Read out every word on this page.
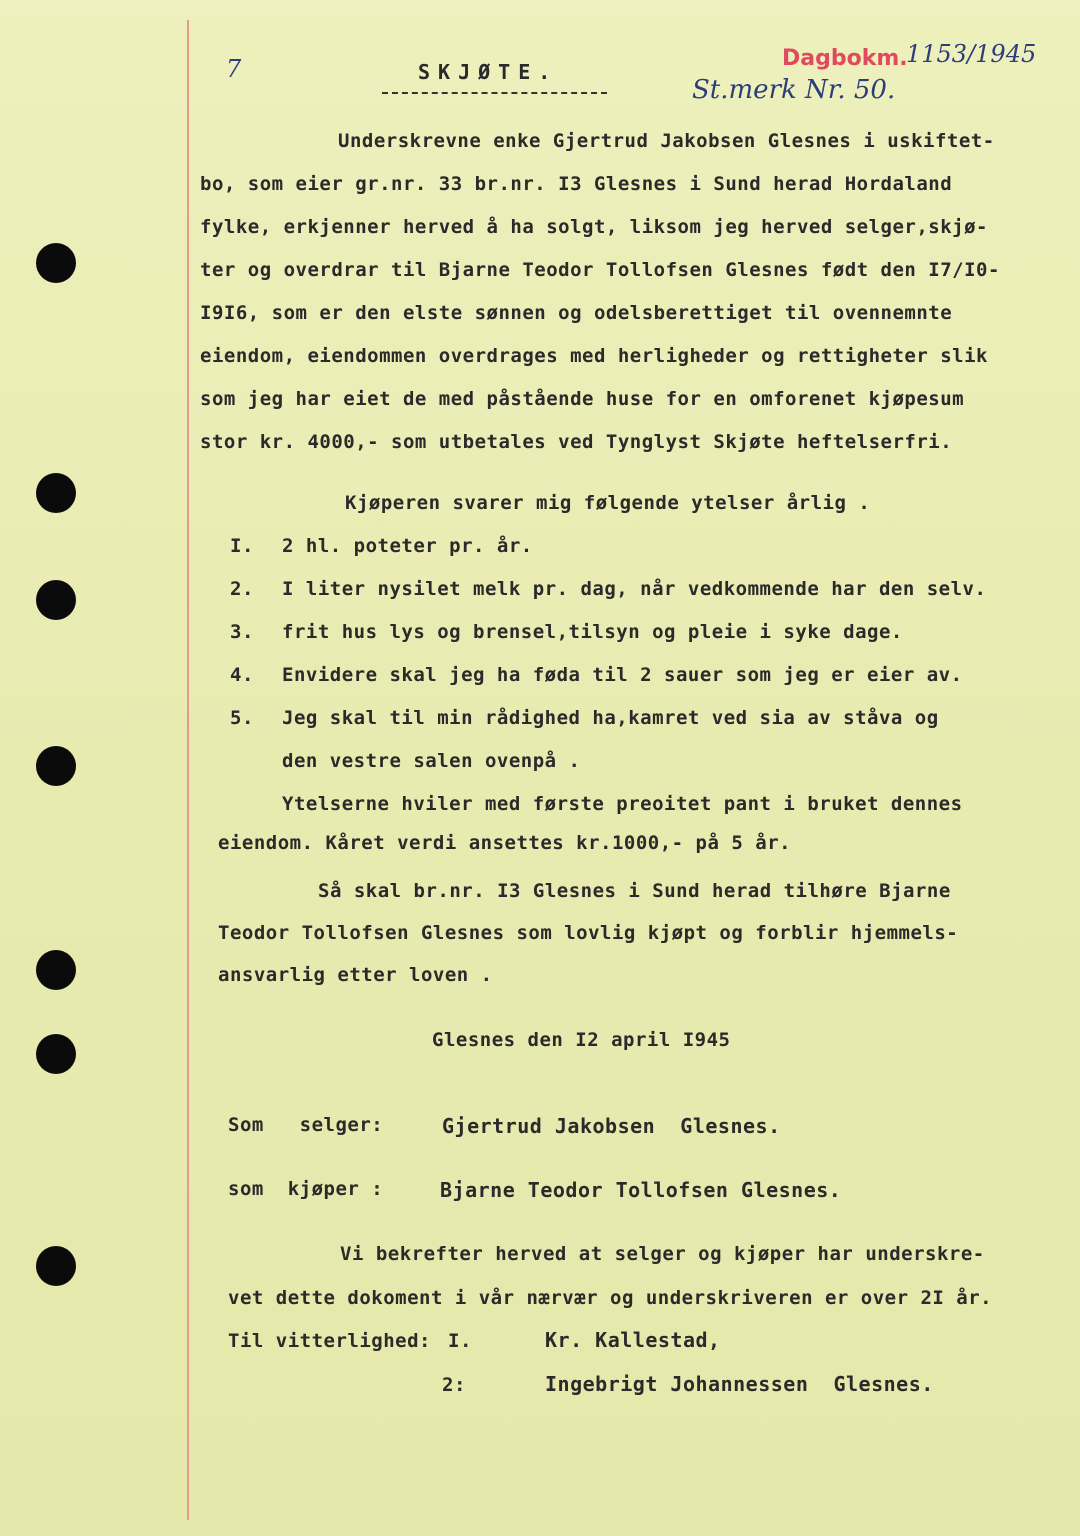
7	SKJØTE.
Dagbokm.
1153/1945
St.merk Nr. 50.
Underskrevne enke Gjertrud Jakobsen Glesnes i uskiftet-
bo, som eier gr.nr. 33 br.nr. I3 Glesnes i Sund herad Hordaland
fylke, erkjenner herved å ha solgt, liksom jeg herved selger,skjø-
ter og overdrar til Bjarne Teodor Tollofsen Glesnes født den I7/I0-
I9I6, som er den elste sønnen og odelsberettiget til ovennemnte
eiendom, eiendommen overdrages med herligheder og rettigheter slik
som jeg har eiet de med påstående huse for en omforenet kjøpesum
stor kr. 4000,- som utbetales ved Tynglyst Skjøte heftelserfri.
Kjøperen svarer mig følgende ytelser årlig .
I. 2 hl. poteter pr. år.
2. I liter nysilet melk pr. dag, når vedkommende har den selv.
3. frit hus lys og brensel,tilsyn og pleie i syke dage.
4. Envidere skal jeg ha føda til 2 sauer som jeg er eier av.
5. Jeg skal til min rådighed ha,kamret ved sia av ståva og
den vestre salen ovenpå .
Ytelserne hviler med første preoitet pant i bruket dennes
eiendom. Kåret verdi ansettes kr.1000,- på 5 år.
Så skal br.nr. I3 Glesnes i Sund herad tilhøre Bjarne
Teodor Tollofsen Glesnes som lovlig kjøpt og forblir hjemmels-
ansvarlig etter loven .
Glesnes den I2 april I945
Som   selger:	Gjertrud Jakobsen  Glesnes.
som  kjøper :	Bjarne Teodor Tollofsen Glesnes.
Vi bekrefter herved at selger og kjøper har underskre-
vet dette dokoment i vår nærvær og underskriveren er over 2I år.
Til vitterlighed: I.	Kr. Kallestad,
2:	Ingebrigt Johannessen  Glesnes.
